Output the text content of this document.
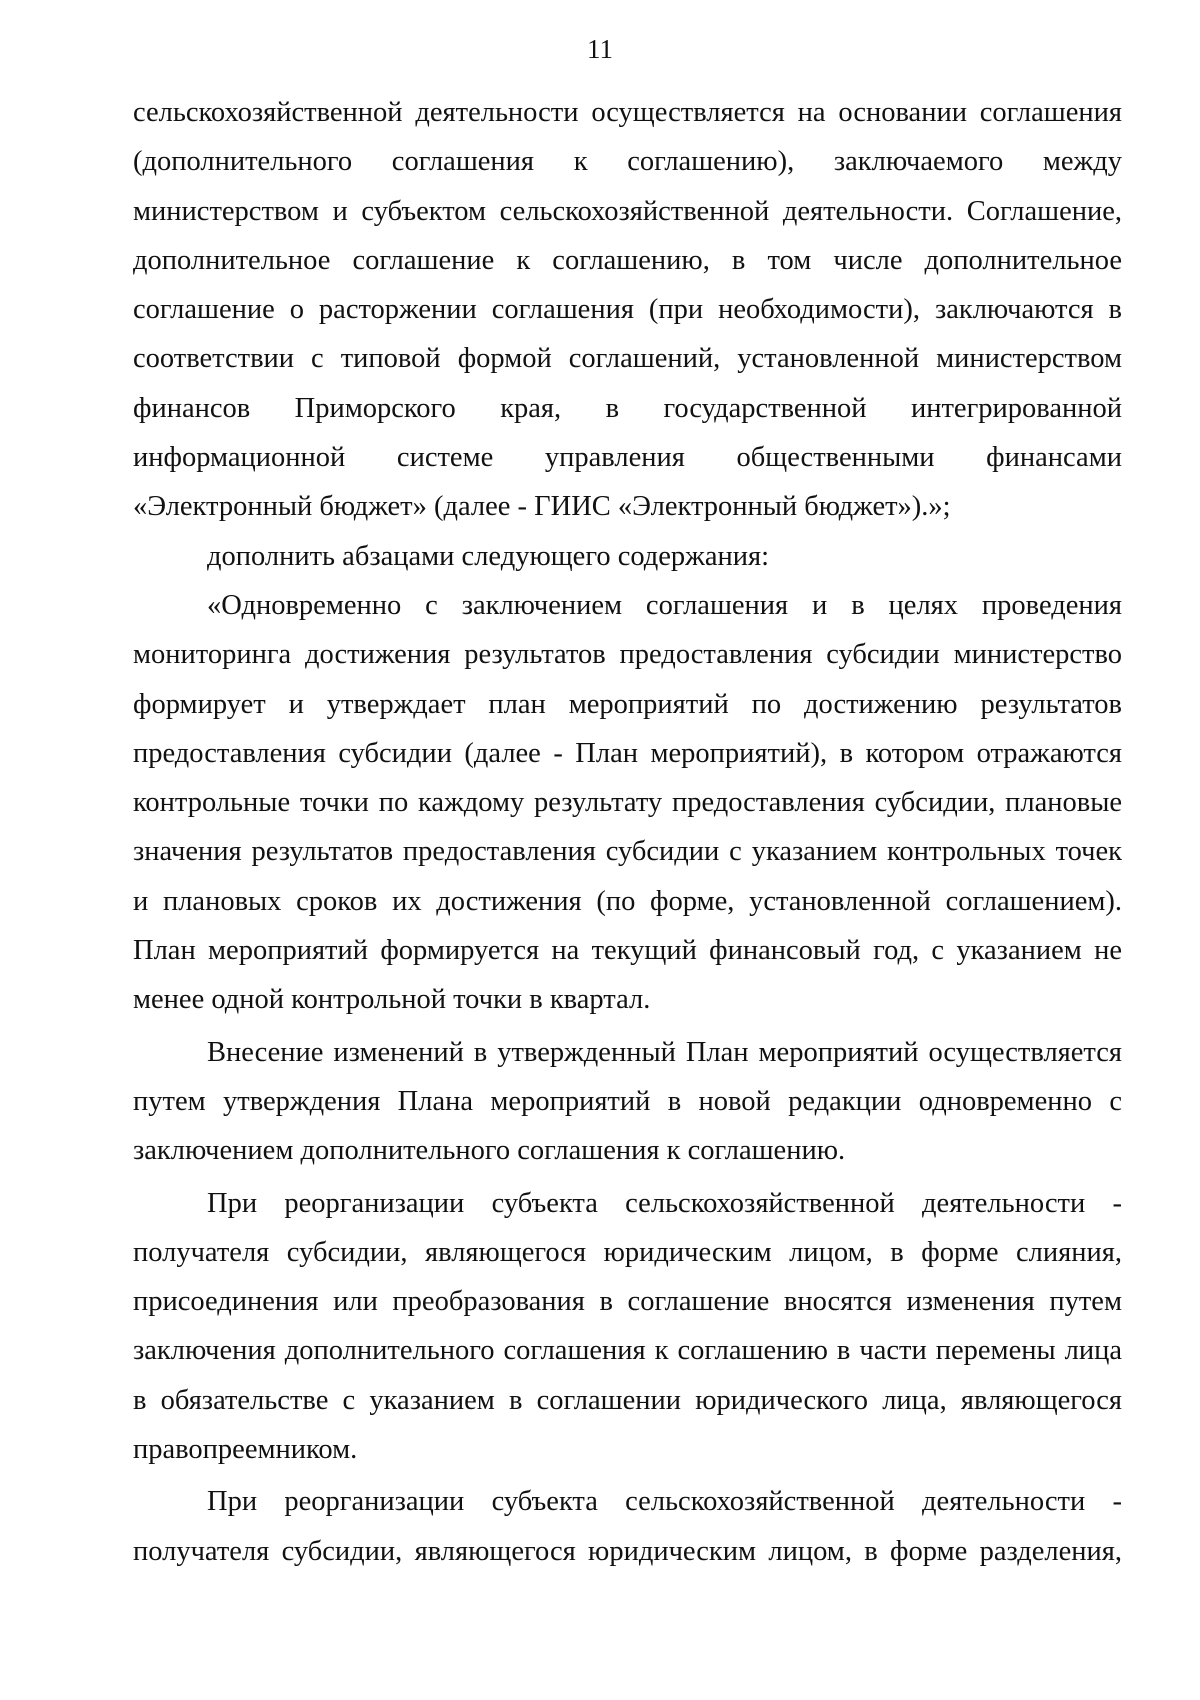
11
сельскохозяйственной деятельности осуществляется на основании соглашения
(дополнительного соглашения к соглашению), заключаемого между
министерством и субъектом сельскохозяйственной деятельности. Соглашение,
дополнительное соглашение к соглашению, в том числе дополнительное
соглашение о расторжении соглашения (при необходимости), заключаются в
соответствии с типовой формой соглашений, установленной министерством
финансов Приморского края, в государственной интегрированной
информационной системе управления общественными финансами
«Электронный бюджет» (далее - ГИИС «Электронный бюджет»).»;
дополнить абзацами следующего содержания:
«Одновременно с заключением соглашения и в целях проведения
мониторинга достижения результатов предоставления субсидии министерство
формирует и утверждает план мероприятий по достижению результатов
предоставления субсидии (далее - План мероприятий), в котором отражаются
контрольные точки по каждому результату предоставления субсидии, плановые
значения результатов предоставления субсидии с указанием контрольных точек
и плановых сроков их достижения (по форме, установленной соглашением).
План мероприятий формируется на текущий финансовый год, с указанием не
менее одной контрольной точки в квартал.
Внесение изменений в утвержденный План мероприятий осуществляется
путем утверждения Плана мероприятий в новой редакции одновременно с
заключением дополнительного соглашения к соглашению.
При реорганизации субъекта сельскохозяйственной деятельности -
получателя субсидии, являющегося юридическим лицом, в форме слияния,
присоединения или преобразования в соглашение вносятся изменения путем
заключения дополнительного соглашения к соглашению в части перемены лица
в обязательстве с указанием в соглашении юридического лица, являющегося
правопреемником.
При реорганизации субъекта сельскохозяйственной деятельности -
получателя субсидии, являющегося юридическим лицом, в форме разделения,
